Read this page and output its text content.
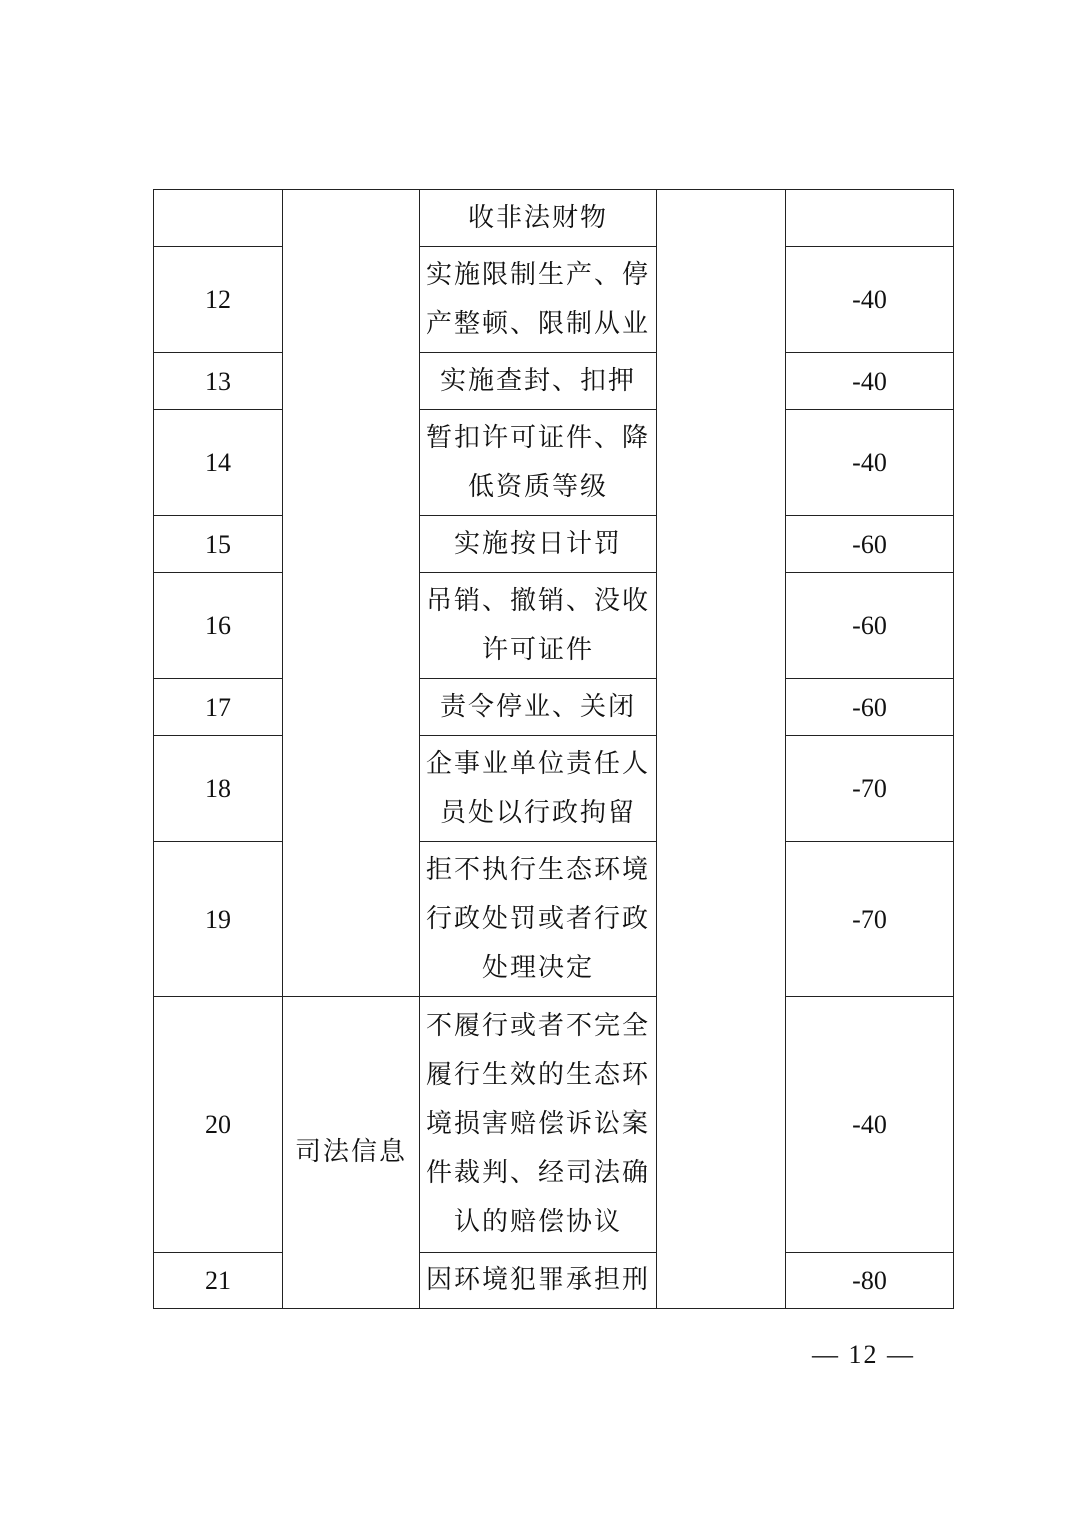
		收非法财物		
12		实施限制生产、停产整顿、限制从业		-40
13		实施查封、扣押		-40
14		暂扣许可证件、降低资质等级		-40
15		实施按日计罚		-60
16		吊销、撤销、没收许可证件		-60
17		责令停业、关闭		-60
18		企事业单位责任人员处以行政拘留		-70
19		拒不执行生态环境行政处罚或者行政处理决定		-70
20	司法信息	不履行或者不完全履行生效的生态环境损害赔偿诉讼案件裁判、经司法确认的赔偿协议		-40
21		因环境犯罪承担刑		-80
— 12 —
